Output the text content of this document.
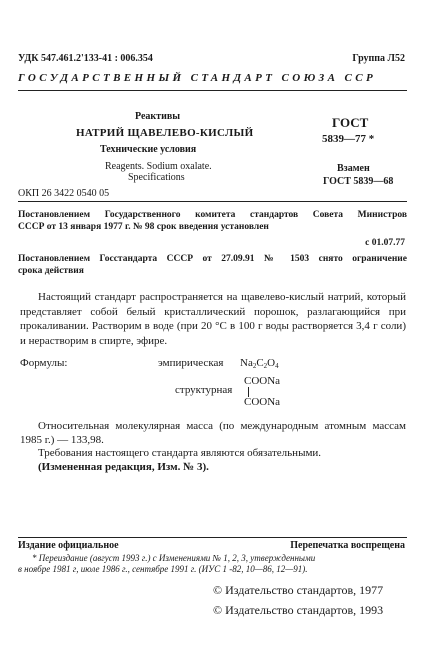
УДК 547.461.2'133-41 : 006.354	Группа Л52
ГОСУДАРСТВЕННЫЙ СТАНДАРТ СОЮЗА ССР
Реактивы
НАТРИЙ ЩАВЕЛЕВО-КИСЛЫЙ
Технические условия
Reagents. Sodium oxalate.
Specifications
ОКП 26 3422 0540 05
ГОСТ
5839—77 *
Взамен
ГОСТ 5839—68
Постановлением Государственного комитета стандартов Совета Министров
СССР от 13 января 1977 г. № 98 срок введения установлен
с 01.07.77
Постановлением Госстандарта СССР от 27.09.91 № 1503 снято ограничение
срока действия
Настоящий стандарт распространяется на щавелево-кислый натрий, который представляет собой белый кристаллический порошок, разлагающийся при прокаливании. Растворим в воде (при 20 °С в 100 г воды растворяется 3,4 г соли) и нерастворим в спирте, эфире.
Формулы:	эмпирическая $Na_2C_2O_4$
COONa
структурная
COONa
Относительная молекулярная масса (по международным атомным массам 1985 г.) — 133,98.
Требования настоящего стандарта являются обязательными.
(Измененная редакция, Изм. № 3).
Издание официальное	Перепечатка воспрещена
* Переиздание (август 1993 г.) с Изменениями № 1, 2, 3, утвержденными
в ноябре 1981 г, июле 1986 г., сентябре 1991 г. (ИУС 1 -82, 10—86, 12—91).
© Издательство стандартов, 1977
© Издательство стандартов, 1993
